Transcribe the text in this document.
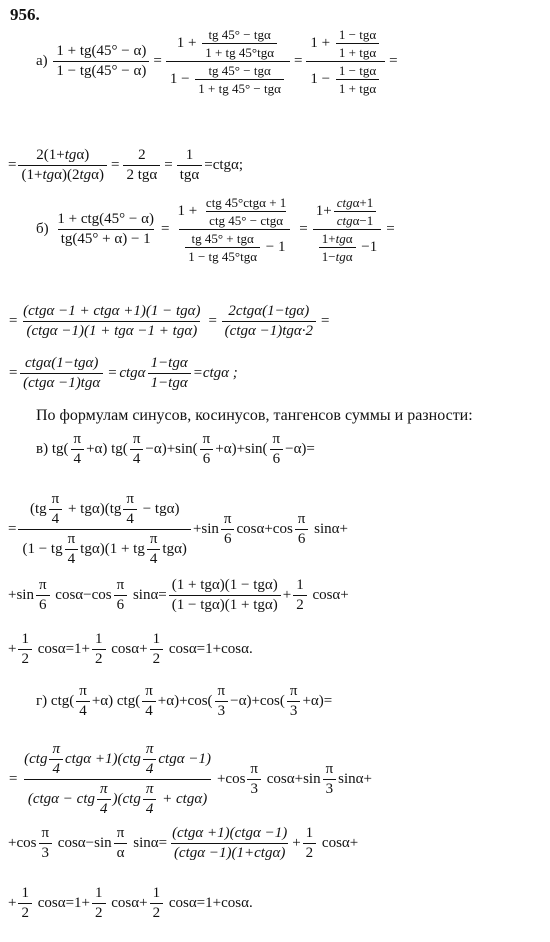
956.
$а) \frac{1 + tg(45^\circ - \alpha)}{1 - tg(45^\circ - \alpha)} = \frac{1 + \frac{\text{tg 45° − tgα}}{\text{1 + tg 45°tgα}}}{1 - \frac{\text{tg 45° − tgα}}{\text{1 + tg 45° − tgα}}} = \frac{1 + \frac{\text{1 − tgα}}{\text{1 + tgα}}}{1 - \frac{\text{1 − tgα}}{\text{1 + tgα}}}$ =
= $\frac{\text{2(1+tgα)}}{\text{(1+tgα)(2tgα)}} = \frac{2}{\text{2 tgα}} = \frac{1}{\text{tgα}} =ctg\alpha$;
$б) \frac{\text{1 + ctg(45° − α)}}{tg(45^\circ + \alpha) - 1} = \frac{1 + \frac{\text{ctg 45°ctgα + 1}}{\text{ctg 45° − ctgα}}}{\frac{\text{tg 45° + tgα}}{\text{1 − tg 45°tgα}} - 1} = \frac{1+ \frac{\text{ctgα+1}}{\text{ctgα−1}}}{\frac{\text{1+tgα}}{\text{1−tgα}} -1}$ =
= $\frac{\text{(ctgα −1 + ctgα +1)(1 − tgα)}}{\text{(ctgα −1)(1 + tgα −1 + tgα)}} = \frac{\text{2ctgα(1−tgα)}}{\text{(ctgα −1)tgα·2}}$ =
= $\frac{\text{ctgα(1−tgα)}}{\text{(ctgα −1)tgα}} = ctg\alpha \frac{\text{1−tgα}}{\text{1−tgα}} =ctg\alpha$ ;
По формулам синусов, косинусов, тангенсов суммы и разности:
в) $tg( \frac{\pi}{4} +\alpha)$ $tg( \frac{\pi}{4} -\alpha)+\sin( \frac{\pi}{6} +\alpha)+\sin( \frac{\pi}{6} -\alpha)=$
= $\frac{(tg \frac{\pi}{4} + tg\alpha)(tg \frac{\pi}{4} - tg\alpha)}{(1 - tg \frac{\pi}{4} tg\alpha)(1 + tg \frac{\pi}{4} tg\alpha)} +\sin \frac{\pi}{6} \cos\alpha+\cos \frac{\pi}{6} \sin\alpha+$
$+\sin \frac{\pi}{6} \cos\alpha-\cos \frac{\pi}{6} \sin\alpha= \frac{\text{(1 + tgα)(1 − tgα)}}{\text{(1 − tgα)(1 + tgα)}} + \frac{1}{2} \cos\alpha+$
+ $\frac{1}{2} \cos\alpha=1+ \frac{1}{2} \cos\alpha+ \frac{1}{2} \cos\alpha=1+\cos\alpha$.
г) $ctg( \frac{\pi}{4} +\alpha)$ $ctg( \frac{\pi}{4} +\alpha)+\cos( \frac{\pi}{3} -\alpha)+\cos( \frac{\pi}{3} +\alpha)=$
= $\frac{(ctg \frac{\pi}{4} ctg\alpha +1)(ctg \frac{\pi}{4} ctg\alpha -1)}{(ctg\alpha - ctg \frac{\pi}{4} )(ctg \frac{\pi}{4} + ctg\alpha)} +\cos \frac{\pi}{3} \cos\alpha+\sin \frac{\pi}{3} \sin\alpha+$
$+\cos \frac{\pi}{3} \cos\alpha-\sin \frac{\pi}{\alpha} \sin\alpha= \frac{\text{(ctgα +1)(ctgα −1)}}{\text{(ctgα −1)(1+ctgα)}} + \frac{1}{2} \cos\alpha+$
+ $\frac{1}{2} \cos\alpha=1+ \frac{1}{2} \cos\alpha+ \frac{1}{2} \cos\alpha=1+\cos\alpha$.
